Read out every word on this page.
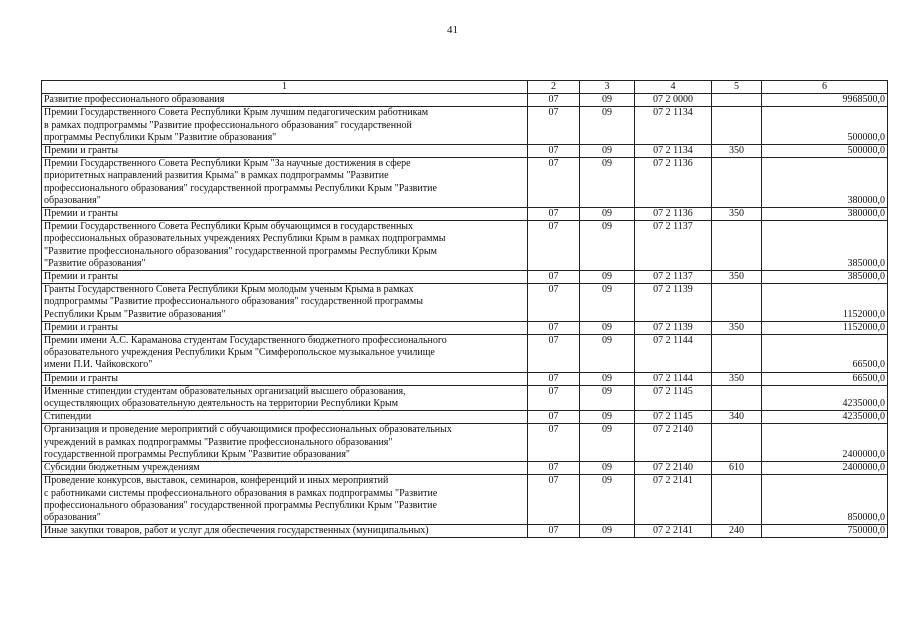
41
1	2	3	4	5	6

Развитие профессионального образования	07	09	07 2 0000		9968500,0

Премии Государственного Совета Республики Крым лучшим педагогическим работникам
в рамках подпрограммы "Развитие профессионального образования" государственной
программы Республики Крым "Развитие образования"	07	09	07 2 1134		500000,0

Премии и гранты	07	09	07 2 1134	350	500000,0

Премии Государственного Совета Республики Крым "За научные достижения в сфере
приоритетных направлений развития Крыма" в рамках подпрограммы "Развитие
профессионального образования" государственной программы Республики Крым "Развитие
образования"	07	09	07 2 1136		380000,0

Премии и гранты	07	09	07 2 1136	350	380000,0

Премии Государственного Совета Республики Крым обучающимся в государственных
профессиональных образовательных учреждениях Республики Крым в рамках подпрограммы
"Развитие профессионального образования" государственной программы Республики Крым
"Развитие образования"	07	09	07 2 1137		385000,0

Премии и гранты	07	09	07 2 1137	350	385000,0

Гранты Государственного Совета Республики Крым молодым ученым Крыма в рамках
подпрограммы "Развитие профессионального образования" государственной программы
Республики Крым "Развитие образования"	07	09	07 2 1139		1152000,0

Премии и гранты	07	09	07 2 1139	350	1152000,0

Премии имени А.С. Караманова студентам Государственного бюджетного профессионального
образовательного учреждения Республики Крым "Симферопольское музыкальное училище
имени П.И. Чайковского"	07	09	07 2 1144		66500,0

Премии и гранты	07	09	07 2 1144	350	66500,0

Именные стипендии студентам образовательных организаций высшего образования,
осуществляющих образовательную деятельность на территории Республики Крым	07	09	07 2 1145		4235000,0

Стипендии	07	09	07 2 1145	340	4235000,0

Организация и проведение мероприятий с обучающимися профессиональных образовательных
учреждений в рамках подпрограммы "Развитие профессионального образования"
государственной программы Республики Крым "Развитие образования"	07	09	07 2 2140		2400000,0

Субсидии бюджетным учреждениям	07	09	07 2 2140	610	2400000,0

Проведение конкурсов, выставок, семинаров, конференций и иных мероприятий
с работниками системы профессионального образования в рамках подпрограммы "Развитие
профессионального образования" государственной программы Республики Крым "Развитие
образования"	07	09	07 2 2141		850000,0

Иные закупки товаров, работ и услуг для обеспечения государственных (муниципальных)	07	09	07 2 2141	240	750000,0
